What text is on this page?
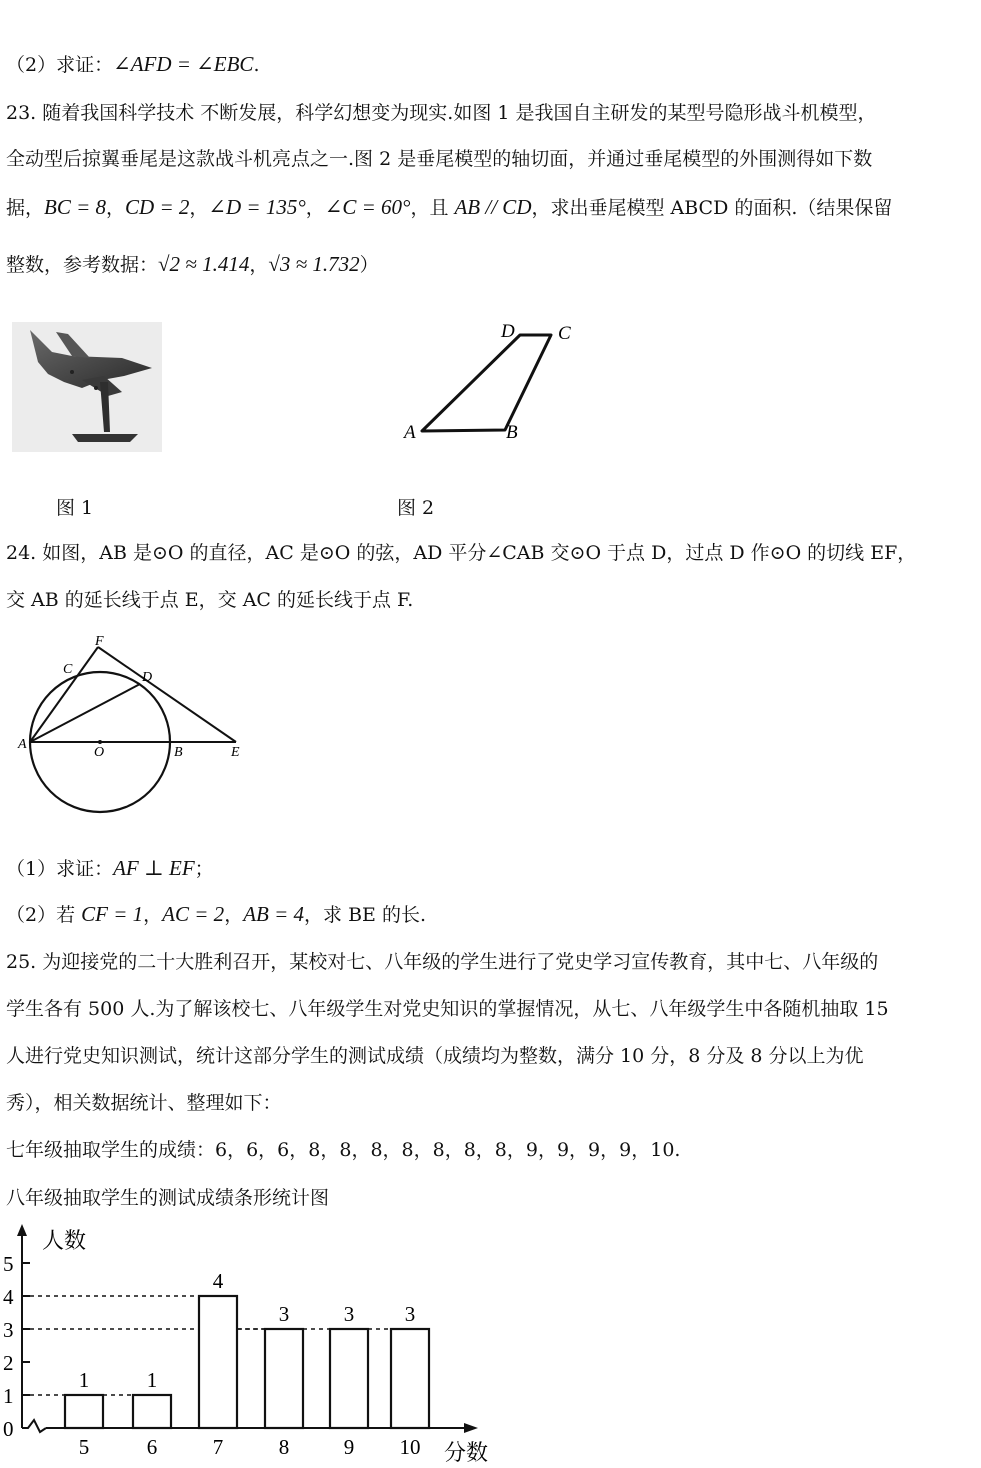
（2）求证：∠AFD = ∠EBC.
23. 随着我国科学技术 不断发展，科学幻想变为现实.如图 1 是我国自主研发的某型号隐形战斗机模型，
全动型后掠翼垂尾是这款战斗机亮点之一.图 2 是垂尾模型的轴切面，并通过垂尾模型的外围测得如下数
据，BC = 8，CD = 2，∠D = 135°，∠C = 60°，且 AB // CD，求出垂尾模型 ABCD 的面积.（结果保留
整数，参考数据：√2 ≈ 1.414，√3 ≈ 1.732）
图 1
A	B
C
D
图 2
24. 如图，AB 是⊙O 的直径，AC 是⊙O 的弦，AD 平分∠CAB 交⊙O 于点 D，过点 D 作⊙O 的切线 EF，
交 AB 的延长线于点 E，交 AC 的延长线于点 F.
A
O	B	E
C
D
F
（1）求证：AF ⊥ EF；
（2）若 CF = 1，AC = 2，AB = 4，求 BE 的长.
25. 为迎接党的二十大胜利召开，某校对七、八年级的学生进行了党史学习宣传教育，其中七、八年级的
学生各有 500 人.为了解该校七、八年级学生对党史知识的掌握情况，从七、八年级学生中各随机抽取 15
人进行党史知识测试，统计这部分学生的测试成绩（成绩均为整数，满分 10 分，8 分及 8 分以上为优
秀），相关数据统计、整理如下：
七年级抽取学生的成绩：6，6，6，8，8，8，8，8，8，8，9，9，9，9，10.
八年级抽取学生的测试成绩条形统计图
人数
分数
0
1
2
3
4
5
1
5
1
6
4
7
3
8
3
9
3
10
